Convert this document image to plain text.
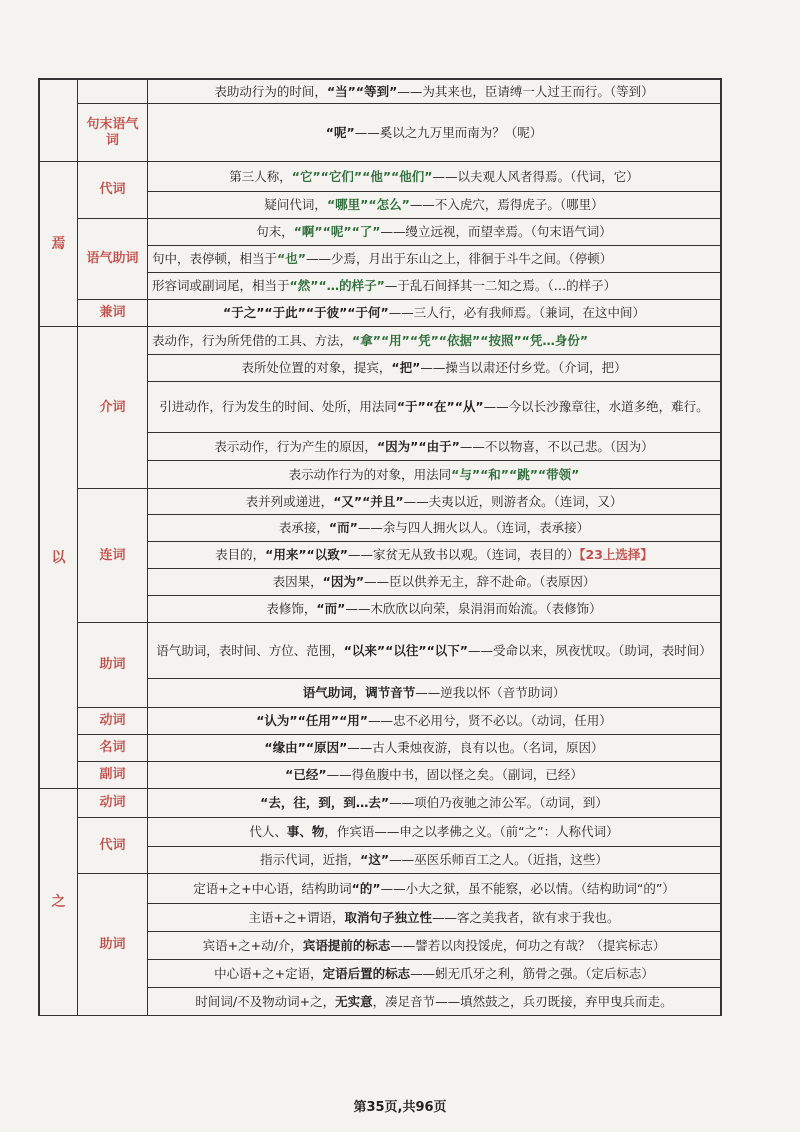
		表助动行为的时间，“当”“等到”——为其来也，臣请缚一人过王而行。（等到）
	句末语气词	“呢”——奚以之九万里而南为？（呢）
焉	代词	第三人称，“它”“它们”“他”“他们”——以夫观人风者得焉。（代词，它）
		疑问代词，“哪里”“怎么”——不入虎穴，焉得虎子。（哪里）
	语气助词	句末，“啊”“呢”“了”——缦立远视，而望幸焉。（句末语气词）
		句中，表停顿，相当于“也”——少焉，月出于东山之上，徘徊于斗牛之间。（停顿）
		形容词或副词尾，相当于“然”“…的样子”—于乱石间择其一二知之焉。（…的样子）
	兼词	“于之”“于此”“于彼”“于何”——三人行，必有我师焉。（兼词，在这中间）
以	介词	表动作，行为所凭借的工具、方法，“拿”“用”“凭”“依据”“按照”“凭…身份”
		表所处位置的对象，提宾，“把”——操当以肃还付乡党。（介词，把）
		引进动作，行为发生的时间、处所，用法同“于”“在”“从”——今以长沙豫章往，水道多绝，难行。
		表示动作，行为产生的原因，“因为”“由于”——不以物喜，不以己悲。（因为）
		表示动作行为的对象，用法同“与”“和”“跳”“带领”
	连词	表并列或递进，“又”“并且”——夫夷以近，则游者众。（连词，又）
		表承接，“而”——余与四人拥火以人。（连词，表承接）
		表目的，“用来”“以致”——家贫无从致书以观。（连词，表目的）【23上选择】
		表因果，“因为”——臣以供养无主，辞不赴命。（表原因）
		表修饰，“而”——木欣欣以向荣，泉涓涓而始流。（表修饰）
	助词	语气助词，表时间、方位、范围，“以来”“以往”“以下”——受命以来，夙夜忧叹。（助词，表时间）
		语气助词，调节音节——逆我以怀（音节助词）
	动词	“认为”“任用”“用”——忠不必用兮，贤不必以。（动词，任用）
	名词	“缘由”“原因”——古人秉烛夜游，良有以也。（名词，原因）
	副词	“已经”——得鱼腹中书，固以怪之矣。（副词，已经）
之	动词	“去，往，到，到…去”——项伯乃夜驰之沛公军。（动词，到）
	代词	代人、事、物，作宾语——申之以孝佛之义。（前“之”：人称代词）
		指示代词，近指，“这”——巫医乐师百工之人。（近指，这些）
	助词	定语+之+中心语，结构助词“的”——小大之狱，虽不能察，必以情。（结构助词“的”）
		主语+之+谓语，取消句子独立性——客之美我者，欲有求于我也。
		宾语+之+动/介，宾语提前的标志——譬若以肉投馁虎，何功之有哉？（提宾标志）
		中心语+之+定语，定语后置的标志——蚓无爪牙之利，筋骨之强。（定后标志）
		时间词/不及物动词+之，无实意，凑足音节——填然鼓之，兵刃既接，弃甲曳兵而走。
第35页,共96页
